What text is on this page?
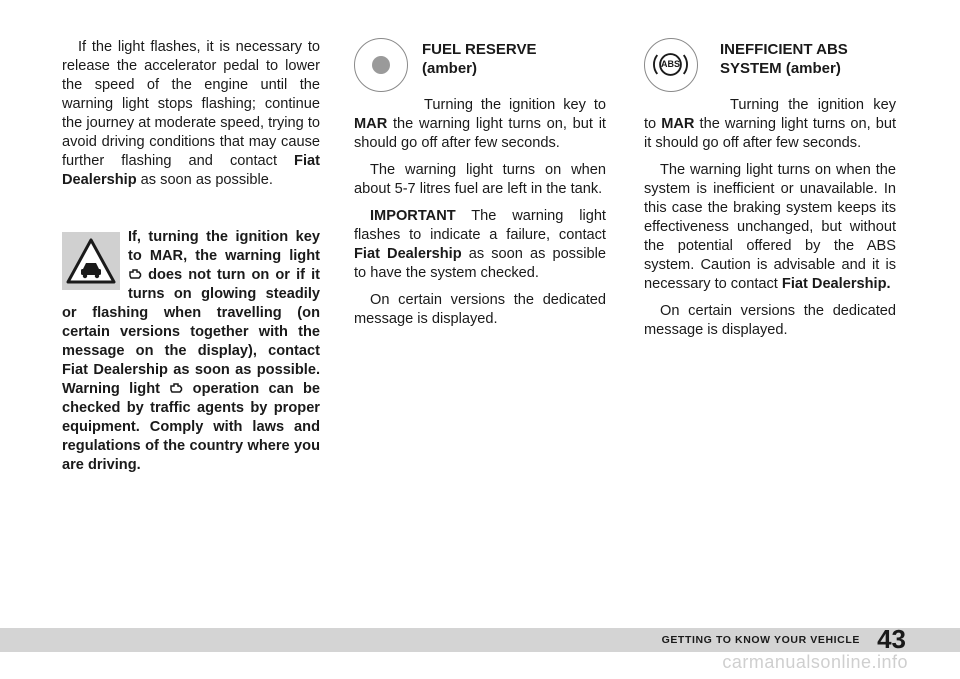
If the light flashes, it is necessary to release the accelerator pedal to lower the speed of the engine until the warning light stops flashing; continue the journey at moderate speed, trying to avoid driving conditions that may cause further flashing and contact Fiat Dealership as soon as possible.

If, turning the ignition key to MAR, the warning light  does not turn on or if it turns on glowing steadily or flashing when travelling (on certain versions together with the message on the display), contact Fiat Dealership as soon as possible. Warning light  operation can be checked by traffic agents by proper equipment. Comply with laws and regulations of the country where you are driving.

FUEL RESERVE
(amber)

Turning the ignition key to MAR the warning light turns on, but it should go off after few seconds.

The warning light turns on when about 5-7 litres fuel are left in the tank.

IMPORTANT The warning light flashes to indicate a failure, contact Fiat Dealership as soon as possible to have the system checked.

On certain versions the dedicated message is displayed.

ABS
INEFFICIENT ABS
SYSTEM (amber)

Turning the ignition key to MAR the warning light turns on, but it should go off after few seconds.

The warning light turns on when the system is inefficient or unavailable. In this case the braking system keeps its effectiveness unchanged, but without the potential offered by the ABS system. Caution is advisable and it is necessary to contact Fiat Dealership.

On certain versions the dedicated message is displayed.

GETTING TO KNOW YOUR VEHICLE 43
carmanualsonline.info
